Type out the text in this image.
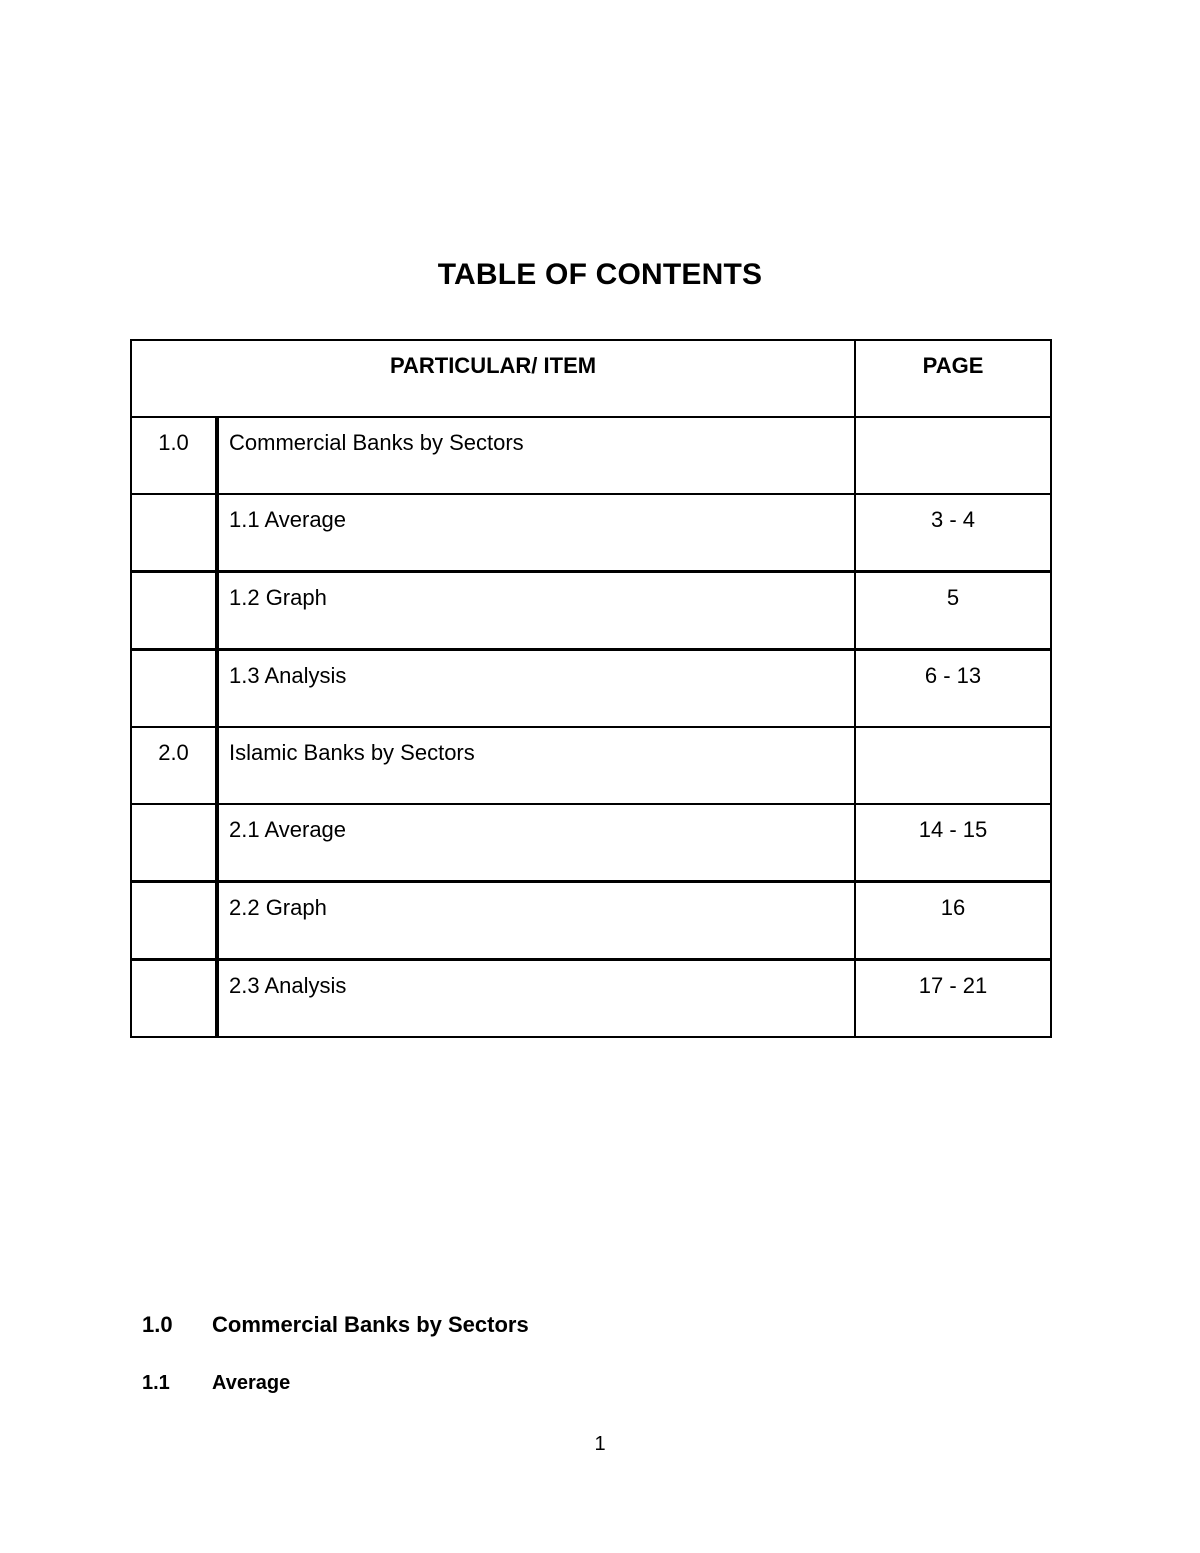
TABLE OF CONTENTS
PARTICULAR/ ITEM		PAGE
1.0	Commercial Banks by Sectors	
	1.1 Average	3 - 4
	1.2 Graph	5
	1.3 Analysis	6 - 13
2.0	Islamic Banks by Sectors	
	2.1 Average	14 - 15
	2.2 Graph	16
	2.3 Analysis	17 - 21
1.0	Commercial Banks by Sectors
1.1	Average
1
